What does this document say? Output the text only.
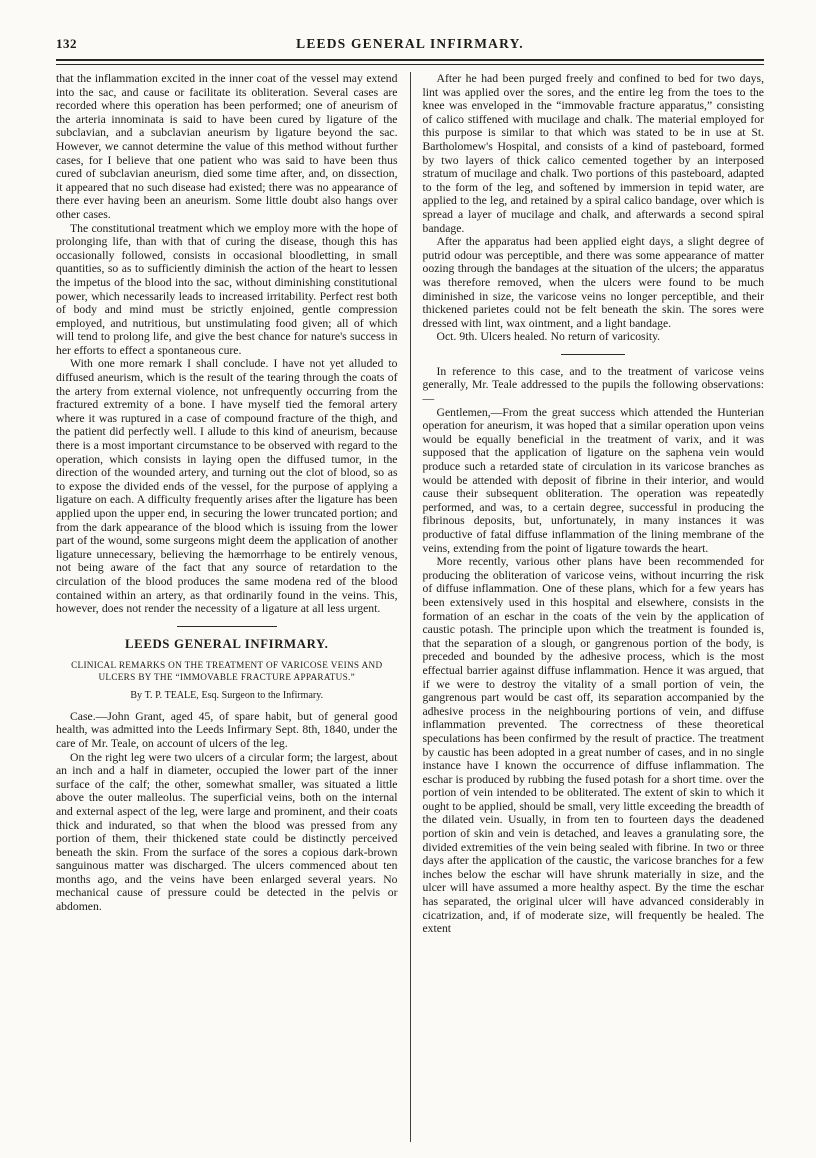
132	LEEDS GENERAL INFIRMARY.

that the inflammation excited in the inner coat of the vessel may extend into the sac, and cause or facilitate its obliteration. Several cases are recorded where this operation has been performed; one of aneurism of the arteria innominata is said to have been cured by ligature of the subclavian, and a subclavian aneurism by ligature beyond the sac. However, we cannot determine the value of this method without further cases, for I believe that one patient who was said to have been thus cured of subclavian aneurism, died some time after, and, on dissection, it appeared that no such disease had existed; there was no appearance of there ever having been an aneurism. Some little doubt also hangs over other cases.

The constitutional treatment which we employ more with the hope of prolonging life, than with that of curing the disease, though this has occasionally followed, consists in occasional bloodletting, in small quantities, so as to sufficiently diminish the action of the heart to lessen the impetus of the blood into the sac, without diminishing constitutional power, which necessarily leads to increased irritability. Perfect rest both of body and mind must be strictly enjoined, gentle compression employed, and nutritious, but unstimulating food given; all of which will tend to prolong life, and give the best chance for nature's success in her efforts to effect a spontaneous cure.

With one more remark I shall conclude. I have not yet alluded to diffused aneurism, which is the result of the tearing through the coats of the artery from external violence, not unfrequently occurring from the fractured extremity of a bone. I have myself tied the femoral artery where it was ruptured in a case of compound fracture of the thigh, and the patient did perfectly well. I allude to this kind of aneurism, because there is a most important circumstance to be observed with regard to the operation, which consists in laying open the diffused tumor, in the direction of the wounded artery, and turning out the clot of blood, so as to expose the divided ends of the vessel, for the purpose of applying a ligature on each. A difficulty frequently arises after the ligature has been applied upon the upper end, in securing the lower truncated portion; and from the dark appearance of the blood which is issuing from the lower part of the wound, some surgeons might deem the application of another ligature unnecessary, believing the hæmorrhage to be entirely venous, not being aware of the fact that any source of retardation to the circulation of the blood produces the same modena red of the blood contained within an artery, as that ordinarily found in the veins. This, however, does not render the necessity of a ligature at all less urgent.

LEEDS GENERAL INFIRMARY.

CLINICAL REMARKS ON THE TREATMENT OF VARICOSE VEINS AND ULCERS BY THE “IMMOVABLE FRACTURE APPARATUS.”

By T. P. TEALE, Esq. Surgeon to the Infirmary.

Case.—John Grant, aged 45, of spare habit, but of general good health, was admitted into the Leeds Infirmary Sept. 8th, 1840, under the care of Mr. Teale, on account of ulcers of the leg.

On the right leg were two ulcers of a circular form; the largest, about an inch and a half in diameter, occupied the lower part of the inner surface of the calf; the other, somewhat smaller, was situated a little above the outer malleolus. The superficial veins, both on the internal and external aspect of the leg, were large and prominent, and their coats thick and indurated, so that when the blood was pressed from any portion of them, their thickened state could be distinctly perceived beneath the skin. From the surface of the sores a copious dark-brown sanguinous matter was discharged. The ulcers commenced about ten months ago, and the veins have been enlarged several years. No mechanical cause of pressure could be detected in the pelvis or abdomen.

After he had been purged freely and confined to bed for two days, lint was applied over the sores, and the entire leg from the toes to the knee was enveloped in the “immovable fracture apparatus,” consisting of calico stiffened with mucilage and chalk. The material employed for this purpose is similar to that which was stated to be in use at St. Bartholomew's Hospital, and consists of a kind of pasteboard, formed by two layers of thick calico cemented together by an interposed stratum of mucilage and chalk. Two portions of this pasteboard, adapted to the form of the leg, and softened by immersion in tepid water, are applied to the leg, and retained by a spiral calico bandage, over which is spread a layer of mucilage and chalk, and afterwards a second spiral bandage.

After the apparatus had been applied eight days, a slight degree of putrid odour was perceptible, and there was some appearance of matter oozing through the bandages at the situation of the ulcers; the apparatus was therefore removed, when the ulcers were found to be much diminished in size, the varicose veins no longer perceptible, and their thickened parietes could not be felt beneath the skin. The sores were dressed with lint, wax ointment, and a light bandage.

Oct. 9th. Ulcers healed. No return of varicosity.

In reference to this case, and to the treatment of varicose veins generally, Mr. Teale addressed to the pupils the following observations:—

Gentlemen,—From the great success which attended the Hunterian operation for aneurism, it was hoped that a similar operation upon veins would be equally beneficial in the treatment of varix, and it was supposed that the application of ligature on the saphena vein would produce such a retarded state of circulation in its varicose branches as would be attended with deposit of fibrine in their interior, and would cause their subsequent obliteration. The operation was repeatedly performed, and was, to a certain degree, successful in producing the fibrinous deposits, but, unfortunately, in many instances it was productive of fatal diffuse inflammation of the lining membrane of the veins, extending from the point of ligature towards the heart.

More recently, various other plans have been recommended for producing the obliteration of varicose veins, without incurring the risk of diffuse inflammation. One of these plans, which for a few years has been extensively used in this hospital and elsewhere, consists in the formation of an eschar in the coats of the vein by the application of caustic potash. The principle upon which the treatment is founded is, that the separation of a slough, or gangrenous portion of the body, is preceded and bounded by the adhesive process, which is the most effectual barrier against diffuse inflammation. Hence it was argued, that if we were to destroy the vitality of a small portion of vein, the gangrenous part would be cast off, its separation accompanied by the adhesive process in the neighbouring portions of vein, and diffuse inflammation prevented. The correctness of these theoretical speculations has been confirmed by the result of practice. The treatment by caustic has been adopted in a great number of cases, and in no single instance have I known the occurrence of diffuse inflammation. The eschar is produced by rubbing the fused potash for a short time. over the portion of vein intended to be obliterated. The extent of skin to which it ought to be applied, should be small, very little exceeding the breadth of the dilated vein. Usually, in from ten to fourteen days the deadened portion of skin and vein is detached, and leaves a granulating sore, the divided extremities of the vein being sealed with fibrine. In two or three days after the application of the caustic, the varicose branches for a few inches below the eschar will have shrunk materially in size, and the ulcer will have assumed a more healthy aspect. By the time the eschar has separated, the original ulcer will have advanced considerably in cicatrization, and, if of moderate size, will frequently be healed. The extent
